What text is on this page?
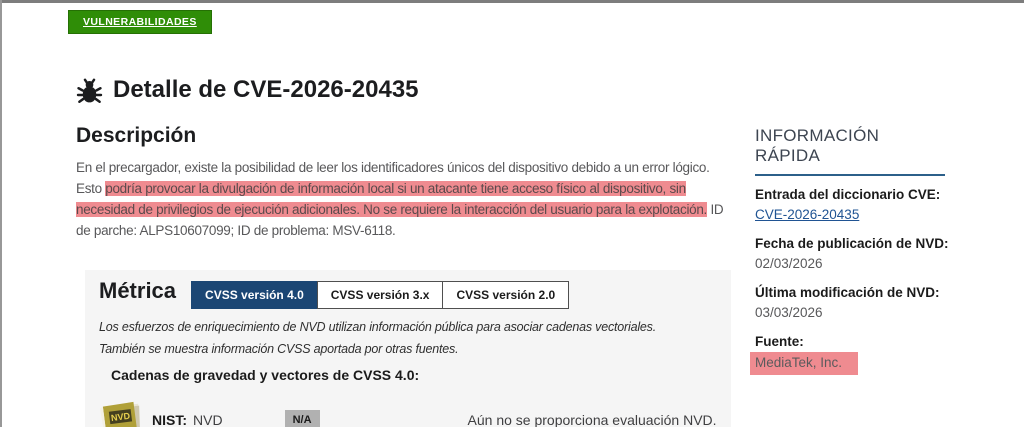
VULNERABILIDADES
Detalle de CVE-2026-20435
Descripción

En el precargador, existe la posibilidad de leer los identificadores únicos del dispositivo debido a un error lógico. Esto podría provocar la divulgación de información local si un atacante tiene acceso físico al dispositivo, sin necesidad de privilegios de ejecución adicionales. No se requiere la interacción del usuario para la explotación. ID de parche: ALPS10607099; ID de problema: MSV-6118.

Métrica	CVSS versión 4.0	CVSS versión 3.x	CVSS versión 2.0

Los esfuerzos de enriquecimiento de NVD utilizan información pública para asociar cadenas vectoriales. También se muestra información CVSS aportada por otras fuentes.

Cadenas de gravedad y vectores de CVSS 4.0:
NVD NIST: NVD	N/A	Aún no se proporciona evaluación NVD.
INFORMACIÓN RÁPIDA
Entrada del diccionario CVE:
CVE-2026-20435
Fecha de publicación de NVD:
02/03/2026
Última modificación de NVD:
03/03/2026
Fuente:
MediaTek, Inc.
